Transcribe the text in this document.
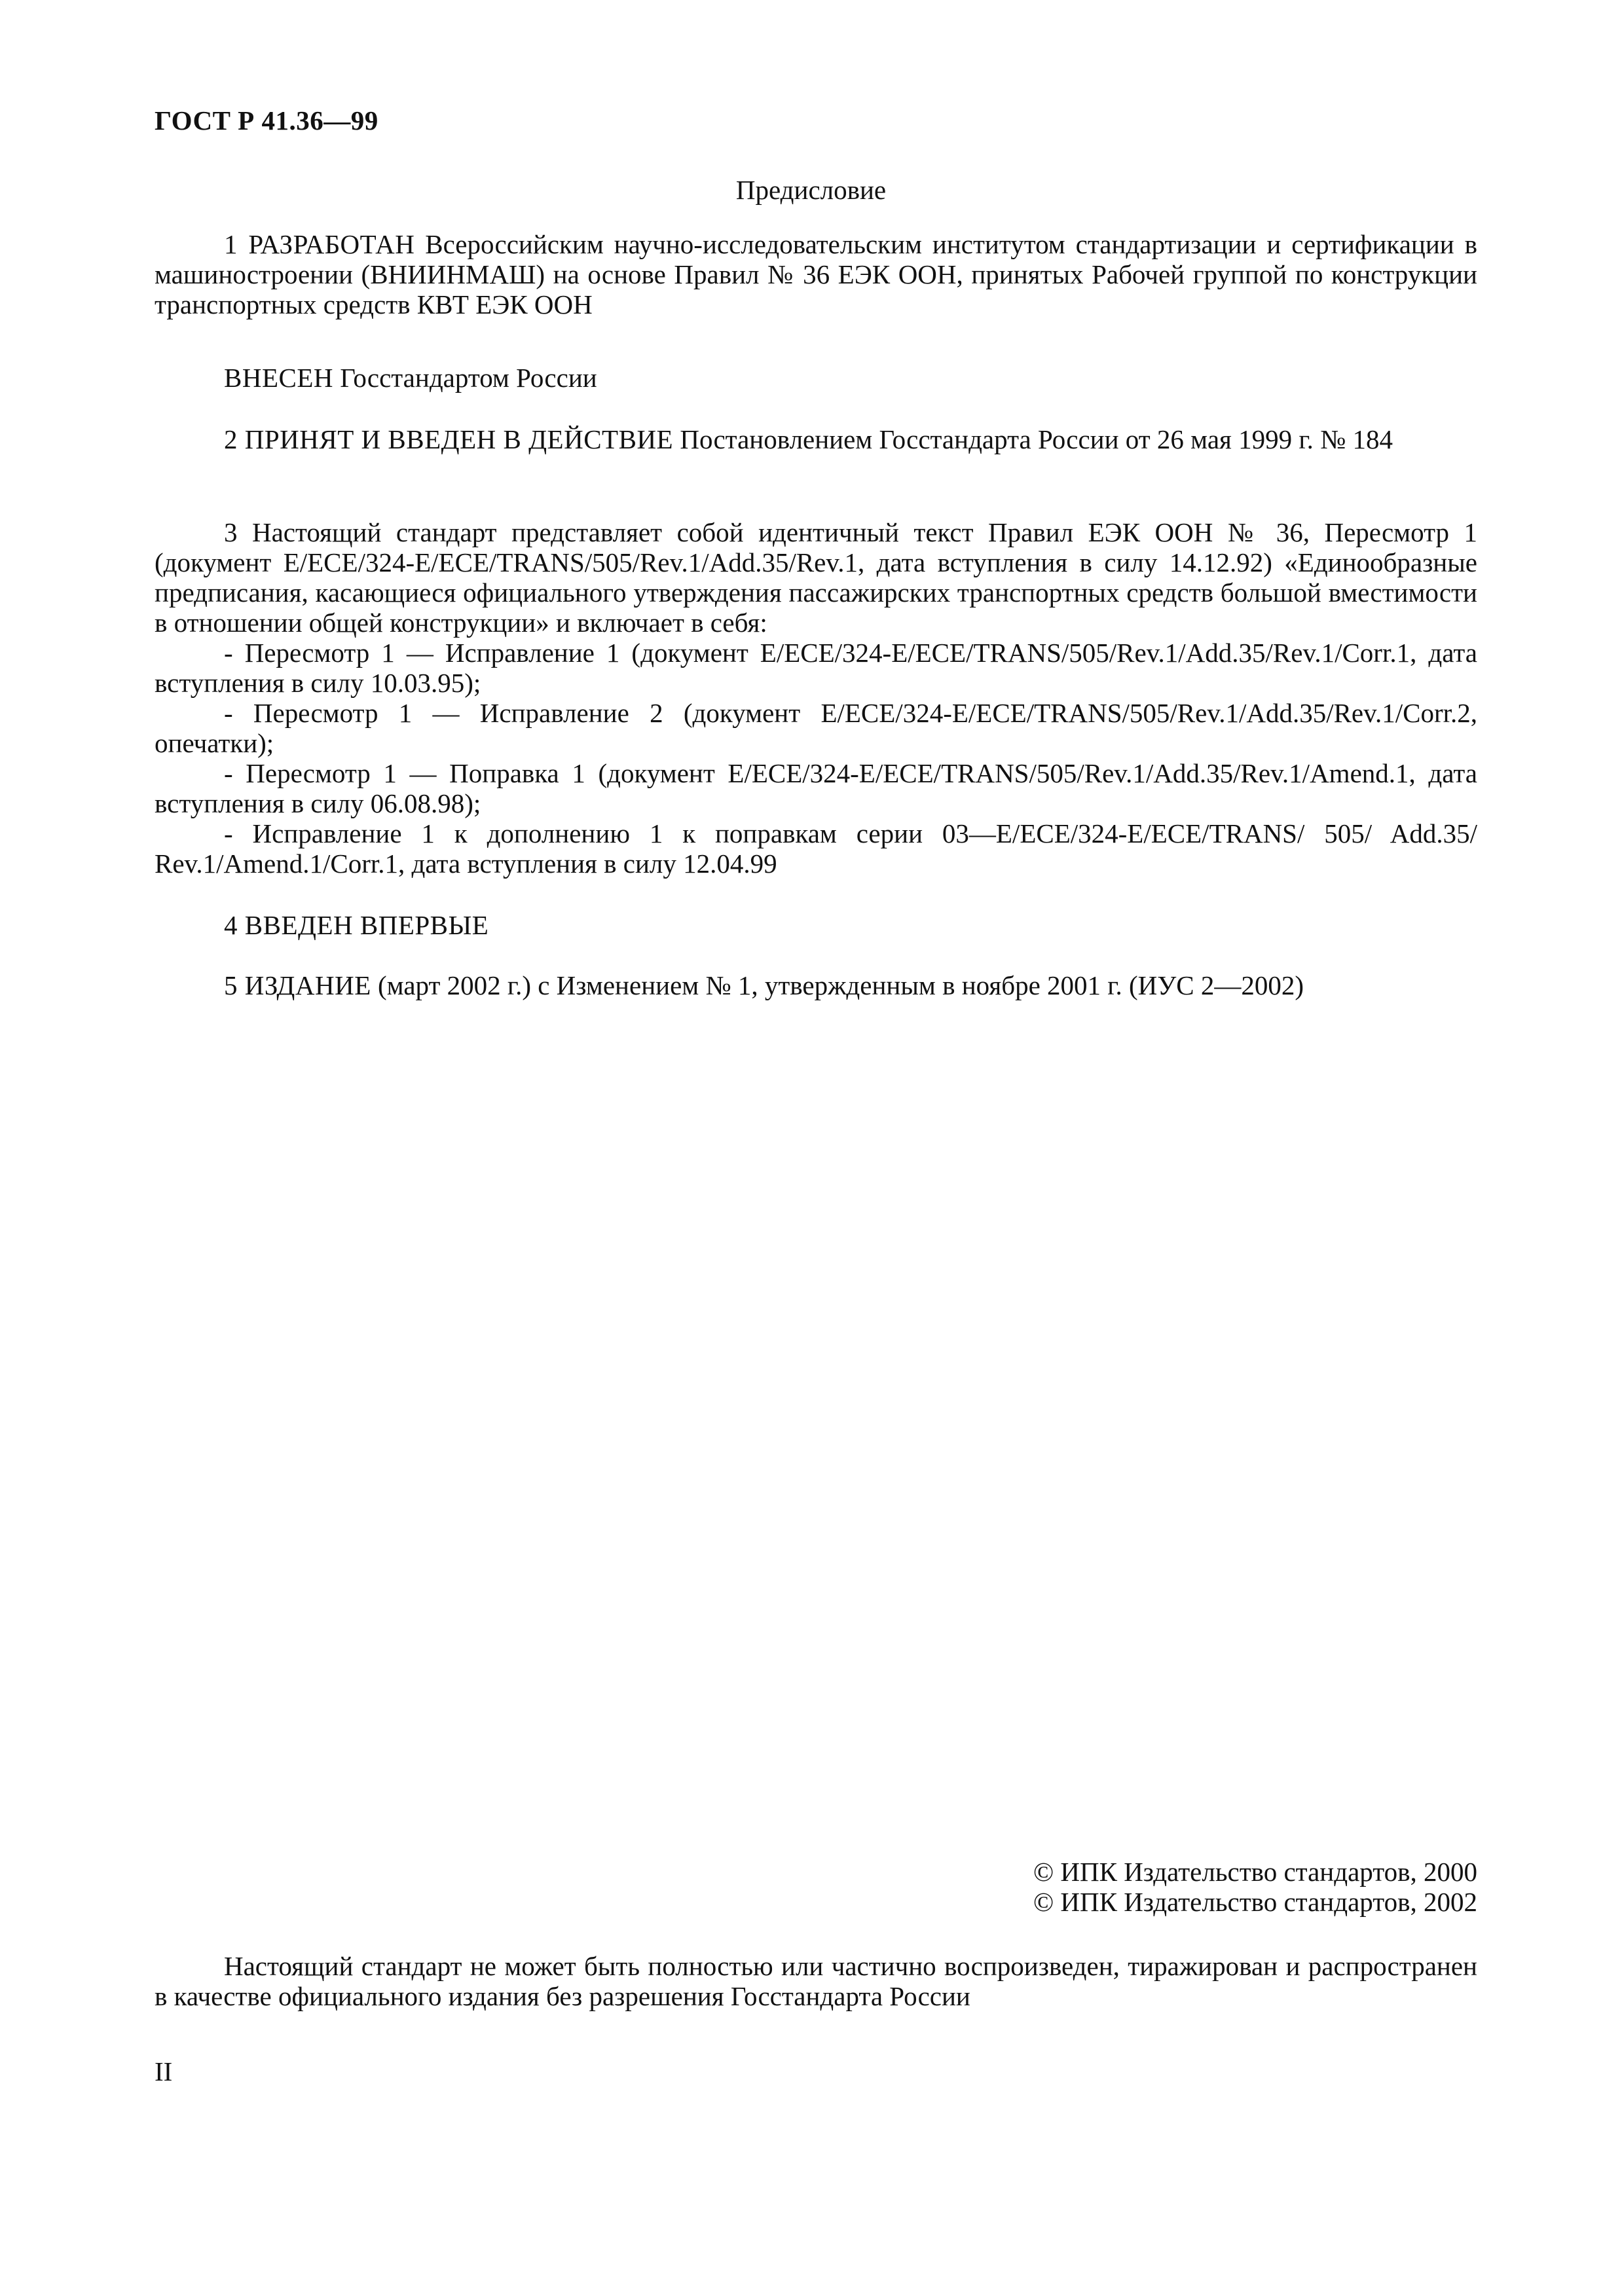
ГОСТ Р 41.36—99
Предисловие

1 РАЗРАБОТАН Всероссийским научно-исследовательским институтом стандартизации и сертификации в машиностроении (ВНИИНМАШ) на основе Правил № 36 ЕЭК ООН, принятых Рабочей группой по конструкции транспортных средств КВТ ЕЭК ООН

ВНЕСЕН Госстандартом России

2 ПРИНЯТ И ВВЕДЕН В ДЕЙСТВИЕ Постановлением Госстандарта России от 26 мая 1999 г. № 184

3 Настоящий стандарт представляет собой идентичный текст Правил ЕЭК ООН № 36, Пересмотр 1 (документ E/ECE/324-E/ECE/TRANS/505/Rev.1/Add.35/Rev.1, дата вступления в силу 14.12.92) «Единообразные предписания, касающиеся официального утверждения пассажирских транспортных средств большой вместимости в отношении общей конструкции» и включает в себя:

- Пересмотр 1 — Исправление 1 (документ E/ECE/324-E/ECE/TRANS/505/Rev.1/Add.35/Rev.1/Corr.1, дата вступления в силу 10.03.95);

- Пересмотр 1 — Исправление 2 (документ E/ECE/324-E/ECE/TRANS/505/Rev.1/Add.35/Rev.1/Corr.2, опечатки);

- Пересмотр 1 — Поправка 1 (документ E/ECE/324-E/ECE/TRANS/505/Rev.1/Add.35/Rev.1/Amend.1, дата вступления в силу 06.08.98);

- Исправление 1 к дополнению 1 к поправкам серии 03—E/ECE/324-E/ECE/TRANS/ 505/ Add.35/ Rev.1/Amend.1/Corr.1, дата вступления в силу 12.04.99

4 ВВЕДЕН ВПЕРВЫЕ

5 ИЗДАНИЕ (март 2002 г.) с Изменением № 1, утвержденным в ноябре 2001 г. (ИУС 2—2002)

© ИПК Издательство стандартов, 2000
© ИПК Издательство стандартов, 2002

Настоящий стандарт не может быть полностью или частично воспроизведен, тиражирован и распространен в качестве официального издания без разрешения Госстандарта России

II
